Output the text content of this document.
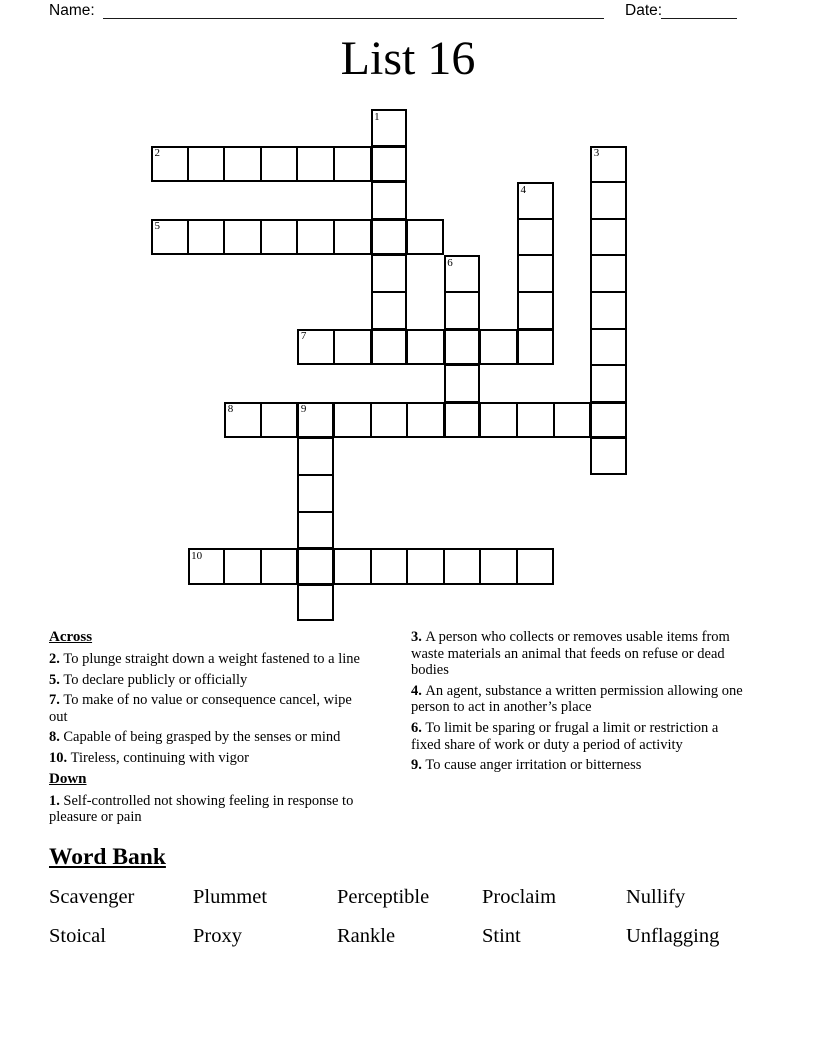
Name:	Date:
List 16
1
2	3
4
5
6
7
8	9
10
Across

2. To plunge straight down a weight fastened to a line

5. To declare publicly or officially

7. To make of no value or consequence cancel, wipe out

8. Capable of being grasped by the senses or mind

10. Tireless, continuing with vigor

Down

1. Self-controlled not showing feeling in response to pleasure or pain

3. A person who collects or removes usable items from waste materials an animal that feeds on refuse or dead bodies

4. An agent, substance a written permission allowing one person to act in another’s place

6. To limit be sparing or frugal a limit or restriction a fixed share of work or duty a period of activity

9. To cause anger irritation or bitterness

Word Bank
Scavenger	Plummet	Perceptible	Proclaim	Nullify
Stoical	Proxy	Rankle	Stint	Unflagging
